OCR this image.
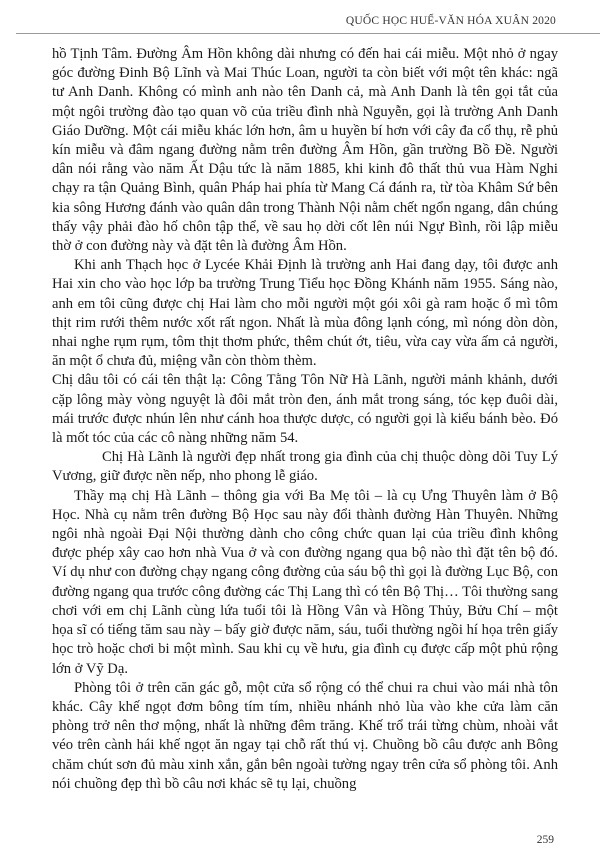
QUỐC HỌC HUẾ-VĂN HÓA XUÂN 2020

hồ Tịnh Tâm. Đường Âm Hồn không dài nhưng có đến hai cái miễu. Một nhỏ ở ngay góc đường Đinh Bộ Lĩnh và Mai Thúc Loan, người ta còn biết với một tên khác: ngã tư Anh Danh. Không có mình anh nào tên Danh cả, mà Anh Danh là tên gọi tắt của một ngôi trường đào tạo quan võ của triều đình nhà Nguyễn, gọi là trường Anh Danh Giáo Dưỡng. Một cái miễu khác lớn hơn, âm u huyền bí hơn với cây đa cổ thụ, rễ phủ kín miễu và đâm ngang đường nằm trên đường Âm Hồn, gần trường Bồ Đề. Người dân nói rằng vào năm Ất Dậu tức là năm 1885, khi kinh đô thất thủ vua Hàm Nghi chạy ra tận Quảng Bình, quân Pháp hai phía từ Mang Cá đánh ra, từ tòa Khâm Sứ bên kia sông Hương đánh vào quân dân trong Thành Nội nằm chết ngổn ngang, dân chúng thấy vậy phải đào hố chôn tập thể, về sau họ dời cốt lên núi Ngự Bình, rồi lập miễu thờ ở con đường này và đặt tên là đường Âm Hồn.

Khi anh Thạch học ở Lycée Khải Định là trường anh Hai đang dạy, tôi được anh Hai xin cho vào học lớp ba trường Trung Tiểu học Đồng Khánh năm 1955. Sáng nào, anh em tôi cũng được chị Hai làm cho mỗi người một gói xôi gà ram hoặc ổ mì tôm thịt rim rưới thêm nước xốt rất ngon. Nhất là mùa đông lạnh cóng, mì nóng dòn dòn, nhai nghe rụm rụm, tôm thịt thơm phức, thêm chút ớt, tiêu, vừa cay vừa ấm cả người, ăn một ổ chưa đủ, miệng vẫn còn thòm thèm.

Chị dâu tôi có cái tên thật lạ: Công Tằng Tôn Nữ Hà Lãnh, người mảnh khảnh, dưới cặp lông mày vòng nguyệt là đôi mắt tròn đen, ánh mắt trong sáng, tóc kẹp đuôi dài, mái trước được nhún lên như cánh hoa thược dược, có người gọi là kiểu bánh bèo. Đó là mốt tóc của các cô nàng những năm 54.

Chị Hà Lãnh là người đẹp nhất trong gia đình của chị thuộc dòng dõi Tuy Lý Vương, giữ được nền nếp, nho phong lễ giáo.

Thầy mạ chị Hà Lãnh – thông gia với Ba Mẹ tôi – là cụ Ưng Thuyên làm ở Bộ Học. Nhà cụ nằm trên đường Bộ Học sau này đổi thành đường Hàn Thuyên. Những ngôi nhà ngoài Đại Nội thường dành cho công chức quan lại của triều đình không được phép xây cao hơn nhà Vua ở và con đường ngang qua bộ nào thì đặt tên bộ đó. Ví dụ như con đường chạy ngang công đường của sáu bộ thì gọi là đường Lục Bộ, con đường ngang qua trước công đường các Thị Lang thì có tên Bộ Thị… Tôi thường sang chơi với em chị Lãnh cùng lứa tuổi tôi là Hồng Vân và Hồng Thủy, Bửu Chí – một họa sĩ có tiếng tăm sau này – bấy giờ được năm, sáu, tuổi thường ngồi hí họa trên giấy học trò hoặc chơi bi một mình. Sau khi cụ về hưu, gia đình cụ được cấp một phủ rộng lớn ở Vỹ Dạ.

Phòng tôi ở trên căn gác gỗ, một cửa sổ rộng có thể chui ra chui vào mái nhà tôn khác. Cây khế ngọt đơm bông tím tím, nhiều nhánh nhỏ lùa vào khe cửa làm căn phòng trở nên thơ mộng, nhất là những đêm trăng. Khế trổ trái từng chùm, nhoài vắt véo trên cành hái khế ngọt ăn ngay tại chỗ rất thú vị. Chuồng bồ câu được anh Bông chăm chút sơn đủ màu xinh xắn, gắn bên ngoài tường ngay trên cửa sổ phòng tôi. Anh nói chuồng đẹp thì bồ câu nơi khác sẽ tụ lại, chuồng

259
